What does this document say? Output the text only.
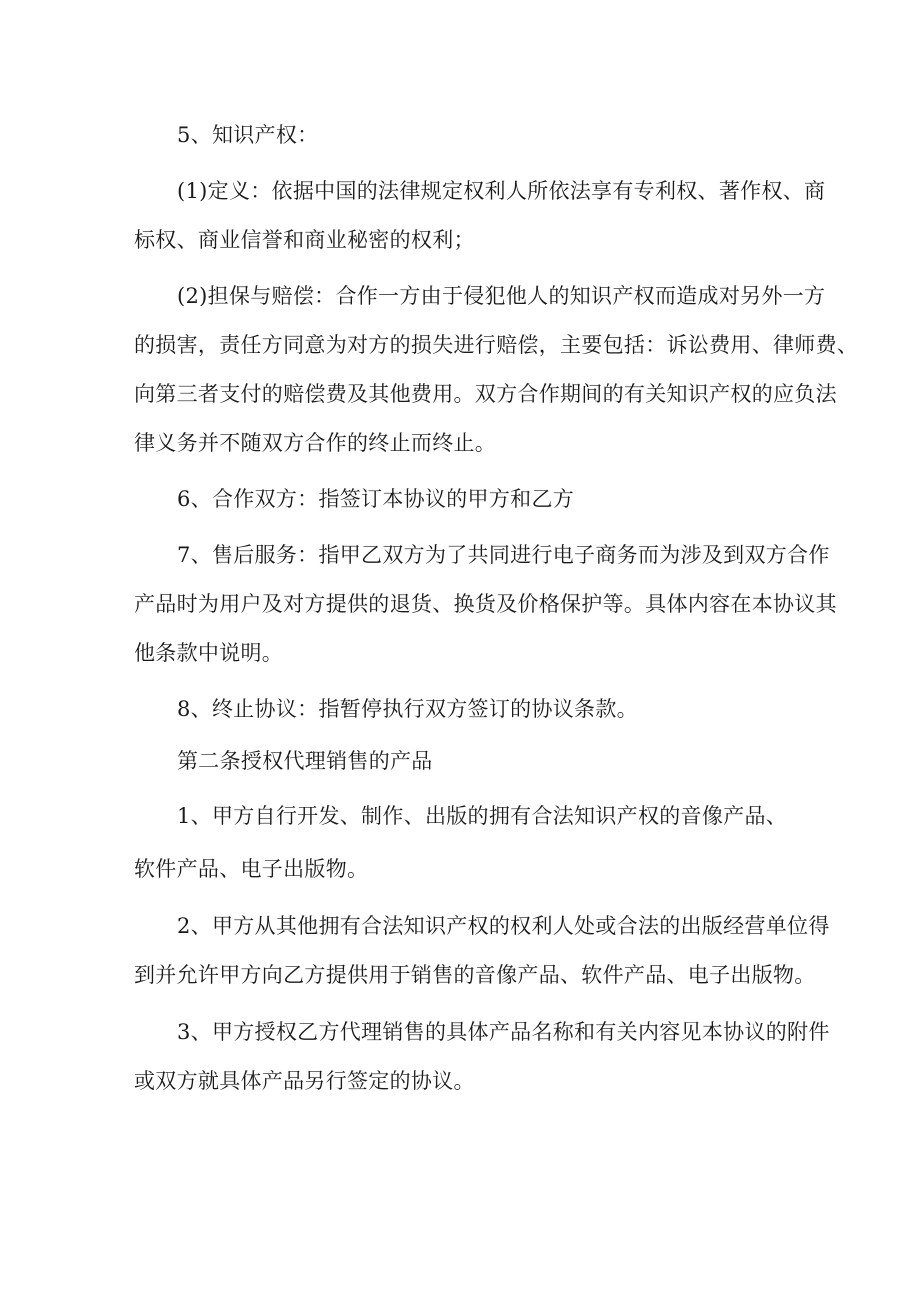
5、知识产权：
(1)定义：依据中国的法律规定权利人所依法享有专利权、著作权、商
标权、商业信誉和商业秘密的权利；
(2)担保与赔偿：合作一方由于侵犯他人的知识产权而造成对另外一方
的损害，责任方同意为对方的损失进行赔偿，主要包括：诉讼费用、律师费、
向第三者支付的赔偿费及其他费用。双方合作期间的有关知识产权的应负法
律义务并不随双方合作的终止而终止。
6、合作双方：指签订本协议的甲方和乙方
7、售后服务：指甲乙双方为了共同进行电子商务而为涉及到双方合作
产品时为用户及对方提供的退货、换货及价格保护等。具体内容在本协议其
他条款中说明。
8、终止协议：指暂停执行双方签订的协议条款。
第二条授权代理销售的产品
1、甲方自行开发、制作、出版的拥有合法知识产权的音像产品、
软件产品、电子出版物。
2、甲方从其他拥有合法知识产权的权利人处或合法的出版经营单位得
到并允许甲方向乙方提供用于销售的音像产品、软件产品、电子出版物。
3、甲方授权乙方代理销售的具体产品名称和有关内容见本协议的附件
或双方就具体产品另行签定的协议。
